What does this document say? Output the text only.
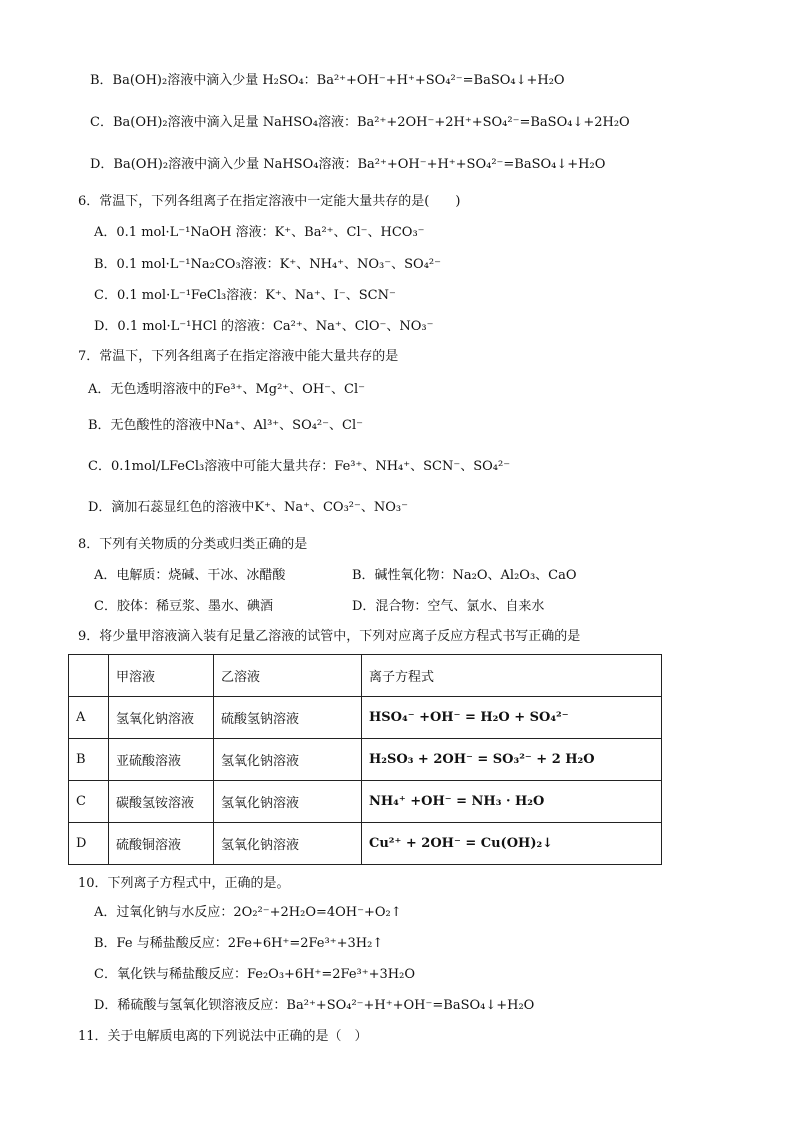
B．Ba(OH)₂溶液中滴入少量 H₂SO₄：Ba²⁺+OH⁻+H⁺+SO₄²⁻=BaSO₄↓+H₂O
C．Ba(OH)₂溶液中滴入足量 NaHSO₄溶液：Ba²⁺+2OH⁻+2H⁺+SO₄²⁻=BaSO₄↓+2H₂O
D．Ba(OH)₂溶液中滴入少量 NaHSO₄溶液：Ba²⁺+OH⁻+H⁺+SO₄²⁻=BaSO₄↓+H₂O
6．常温下，下列各组离子在指定溶液中一定能大量共存的是(　　)
A．0.1 mol·L⁻¹NaOH 溶液：K⁺、Ba²⁺、Cl⁻、HCO₃⁻
B．0.1 mol·L⁻¹Na₂CO₃溶液：K⁺、NH₄⁺、NO₃⁻、SO₄²⁻
C．0.1 mol·L⁻¹FeCl₃溶液：K⁺、Na⁺、I⁻、SCN⁻
D．0.1 mol·L⁻¹HCl 的溶液：Ca²⁺、Na⁺、ClO⁻、NO₃⁻
7．常温下，下列各组离子在指定溶液中能大量共存的是
A．无色透明溶液中的Fe³⁺、Mg²⁺、OH⁻、Cl⁻
B．无色酸性的溶液中Na⁺、Al³⁺、SO₄²⁻、Cl⁻
C．0.1mol/LFeCl₃溶液中可能大量共存：Fe³⁺、NH₄⁺、SCN⁻、SO₄²⁻
D．滴加石蕊显红色的溶液中K⁺、Na⁺、CO₃²⁻、NO₃⁻
8．下列有关物质的分类或归类正确的是
A．电解质：烧碱、干冰、冰醋酸	B．碱性氧化物：Na₂O、Al₂O₃、CaO
C．胶体：稀豆浆、墨水、碘酒	D．混合物：空气、氯水、自来水
9．将少量甲溶液滴入装有足量乙溶液的试管中，下列对应离子反应方程式书写正确的是
	甲溶液	乙溶液	离子方程式
A	氢氧化钠溶液	硫酸氢钠溶液	HSO₄⁻ +OH⁻ = H₂O + SO₄²⁻
B	亚硫酸溶液	氢氧化钠溶液	H₂SO₃ + 2OH⁻ = SO₃²⁻ + 2 H₂O
C	碳酸氢铵溶液	氢氧化钠溶液	NH₄⁺ +OH⁻ = NH₃ · H₂O
D	硫酸铜溶液	氢氧化钠溶液	Cu²⁺ + 2OH⁻ = Cu(OH)₂↓
10．下列离子方程式中，正确的是。
A．过氧化钠与水反应：2O₂²⁻+2H₂O=4OH⁻+O₂↑
B．Fe 与稀盐酸反应：2Fe+6H⁺=2Fe³⁺+3H₂↑
C．氧化铁与稀盐酸反应：Fe₂O₃+6H⁺=2Fe³⁺+3H₂O
D．稀硫酸与氢氧化钡溶液反应：Ba²⁺+SO₄²⁻+H⁺+OH⁻=BaSO₄↓+H₂O
11．关于电解质电离的下列说法中正确的是（　）
